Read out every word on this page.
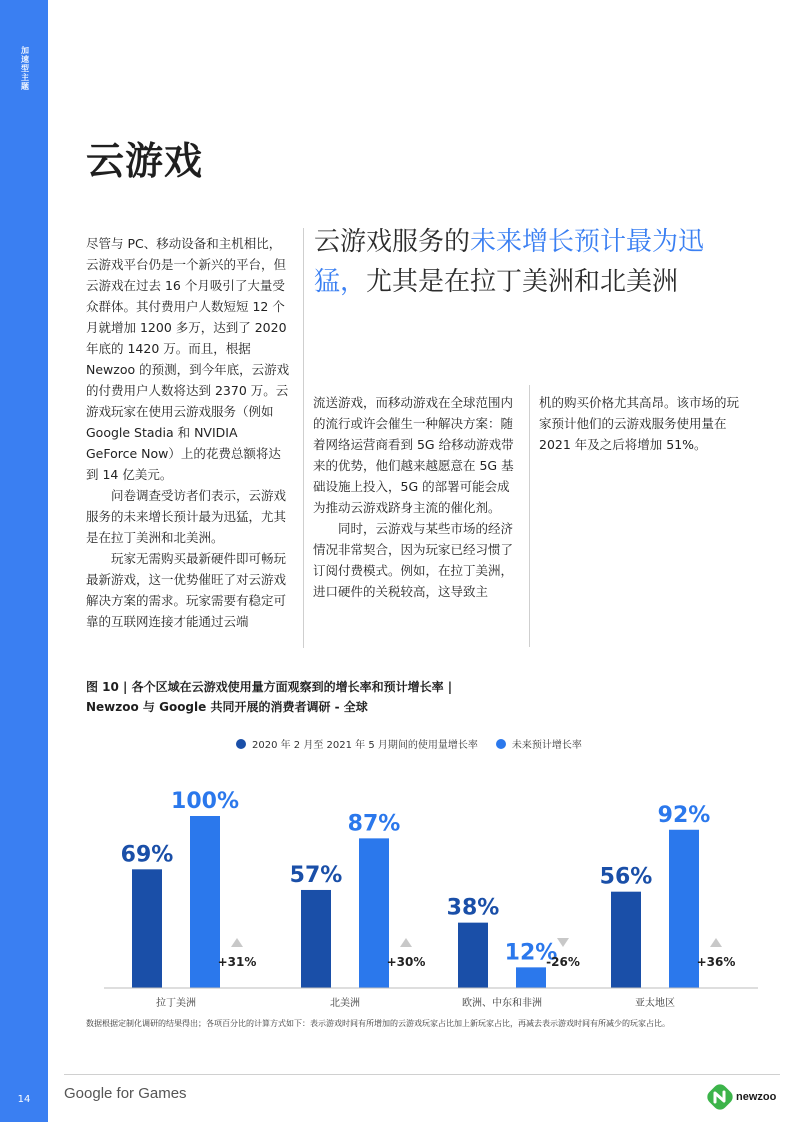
加
速
型
主
题
14
云游戏
云游戏服务的未来增长预计最为迅猛，尤其是在拉丁美洲和北美洲

尽管与 PC、移动设备和主机相比，云游戏平台仍是一个新兴的平台，但云游戏在过去 16 个月吸引了大量受众群体。其付费用户人数短短 12 个月就增加 1200 多万，达到了 2020 年底的 1420 万。而且，根据 Newzoo 的预测，到今年底，云游戏的付费用户人数将达到 2370 万。云游戏玩家在使用云游戏服务（例如 Google Stadia 和 NVIDIA GeForce Now）上的花费总额将达到 14 亿美元。

问卷调查受访者们表示，云游戏服务的未来增长预计最为迅猛，尤其是在拉丁美洲和北美洲。

玩家无需购买最新硬件即可畅玩最新游戏，这一优势催旺了对云游戏解决方案的需求。玩家需要有稳定可靠的互联网连接才能通过云端

流送游戏，而移动游戏在全球范围内的流行或许会催生一种解决方案：随着网络运营商看到 5G 给移动游戏带来的优势，他们越来越愿意在 5G 基础设施上投入，5G 的部署可能会成为推动云游戏跻身主流的催化剂。

同时，云游戏与某些市场的经济情况非常契合，因为玩家已经习惯了订阅付费模式。例如，在拉丁美洲，进口硬件的关税较高，这导致主

机的购买价格尤其高昂。该市场的玩家预计他们的云游戏服务使用量在 2021 年及之后将增加 51%。

图 10 | 各个区域在云游戏使用量方面观察到的增长率和预计增长率 |
Newzoo 与 Google 共同开展的消费者调研 - 全球
2020 年 2 月至 2021 年 5 月期间的使用量增长率	未来预计增长率
69%
100%
+31%
拉丁美洲
57%
87%
+30%
北美洲
38%
12%
-26%
欧洲、中东和非洲
56%
92%
+36%
亚太地区
数据根据定制化调研的结果得出；各项百分比的计算方式如下：表示游戏时间有所增加的云游戏玩家占比加上新玩家占比，再减去表示游戏时间有所减少的玩家占比。
Google for Games	newzoo
